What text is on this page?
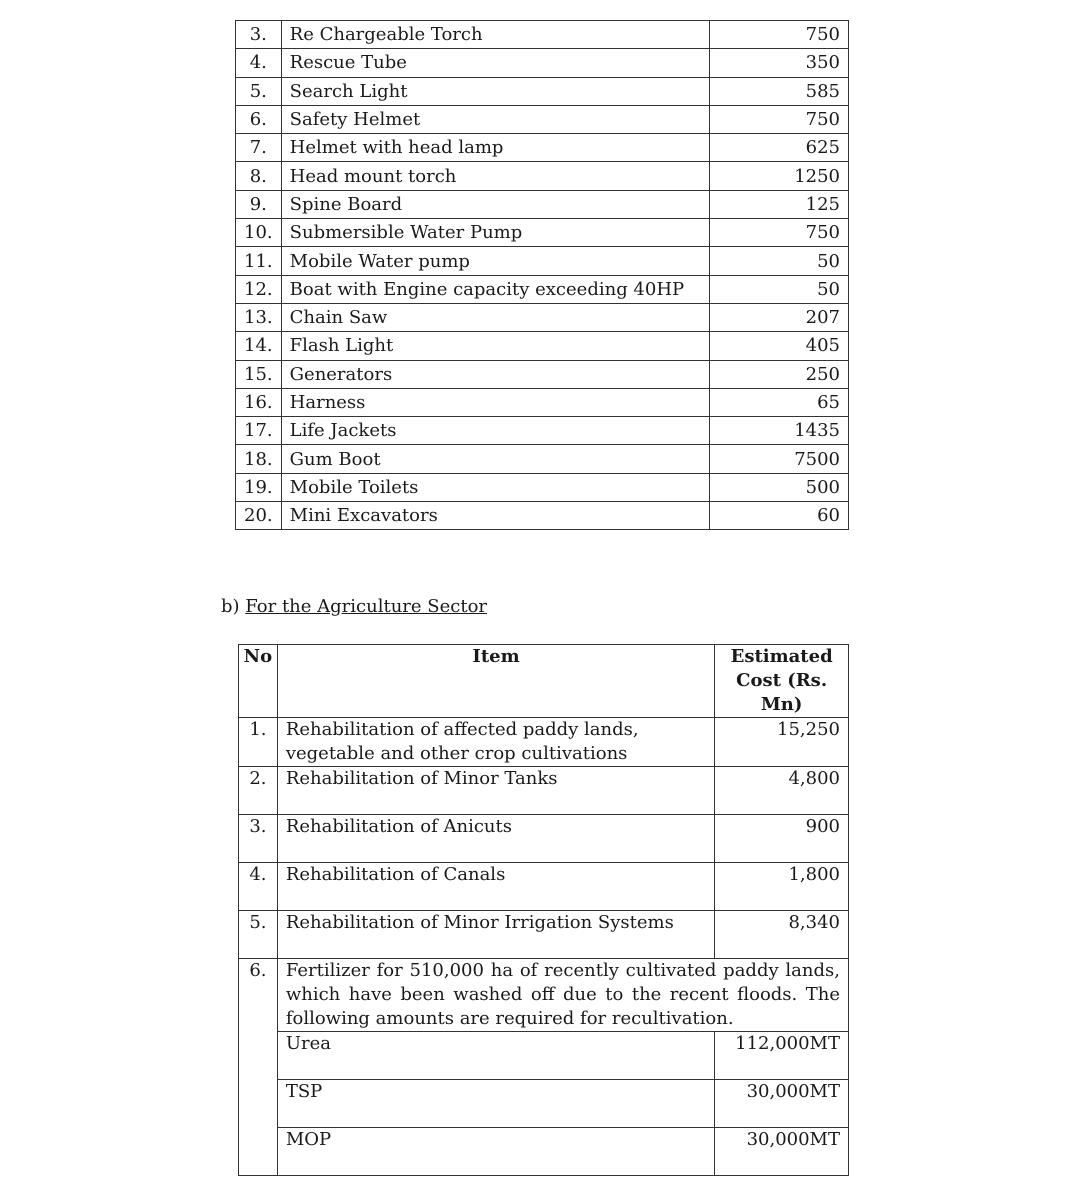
3.	Re Chargeable Torch	750
4.	Rescue Tube	350
5.	Search Light	585
6.	Safety Helmet	750
7.	Helmet with head lamp	625
8.	Head mount torch	1250
9.	Spine Board	125
10.	Submersible Water Pump	750
11.	Mobile Water pump	50
12.	Boat with Engine capacity exceeding 40HP	50
13.	Chain Saw	207
14.	Flash Light	405
15.	Generators	250
16.	Harness	65
17.	Life Jackets	1435
18.	Gum Boot	7500
19.	Mobile Toilets	500
20.	Mini Excavators	60
b) For the Agriculture Sector
No	Item	Estimated Cost (Rs. Mn)
1.	Rehabilitation of affected paddy lands, vegetable and other crop cultivations	15,250
2.	Rehabilitation of Minor Tanks	4,800
3.	Rehabilitation of Anicuts	900
4.	Rehabilitation of Canals	1,800
5.	Rehabilitation of Minor Irrigation Systems	8,340
6.	Fertilizer for 510,000 ha of recently cultivated paddy lands, which have been washed off due to the recent floods. The following amounts are required for recultivation.	
	Urea	112,000MT
	TSP	30,000MT
	MOP	30,000MT
